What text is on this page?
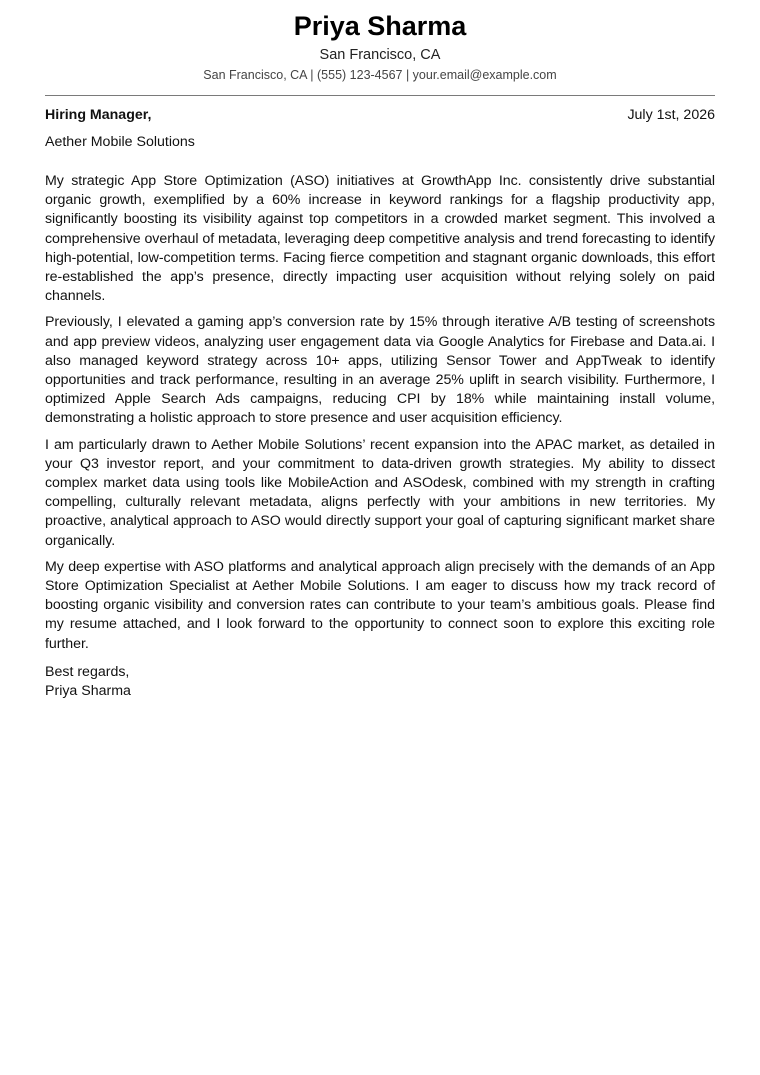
Priya Sharma
San Francisco, CA
San Francisco, CA | (555) 123-4567 | your.email@example.com
Hiring Manager,	July 1st, 2026
Aether Mobile Solutions

My strategic App Store Optimization (ASO) initiatives at GrowthApp Inc. consistently drive substantial organic growth, exemplified by a 60% increase in keyword rankings for a flagship productivity app, significantly boosting its visibility against top competitors in a crowded market segment. This involved a comprehensive overhaul of metadata, leveraging deep competitive analysis and trend forecasting to identify high-potential, low-competition terms. Facing fierce competition and stagnant organic downloads, this effort re-established the app’s presence, directly impacting user acquisition without relying solely on paid channels.

Previously, I elevated a gaming app’s conversion rate by 15% through iterative A/B testing of screenshots and app preview videos, analyzing user engagement data via Google Analytics for Firebase and Data.ai. I also managed keyword strategy across 10+ apps, utilizing Sensor Tower and AppTweak to identify opportunities and track performance, resulting in an average 25% uplift in search visibility. Furthermore, I optimized Apple Search Ads campaigns, reducing CPI by 18% while maintaining install volume, demonstrating a holistic approach to store presence and user acquisition efficiency.

I am particularly drawn to Aether Mobile Solutions’ recent expansion into the APAC market, as detailed in your Q3 investor report, and your commitment to data-driven growth strategies. My ability to dissect complex market data using tools like MobileAction and ASOdesk, combined with my strength in crafting compelling, culturally relevant metadata, aligns perfectly with your ambitions in new territories. My proactive, analytical approach to ASO would directly support your goal of capturing significant market share organically.

My deep expertise with ASO platforms and analytical approach align precisely with the demands of an App Store Optimization Specialist at Aether Mobile Solutions. I am eager to discuss how my track record of boosting organic visibility and conversion rates can contribute to your team’s ambitious goals. Please find my resume attached, and I look forward to the opportunity to connect soon to explore this exciting role further.

Best regards,
Priya Sharma
